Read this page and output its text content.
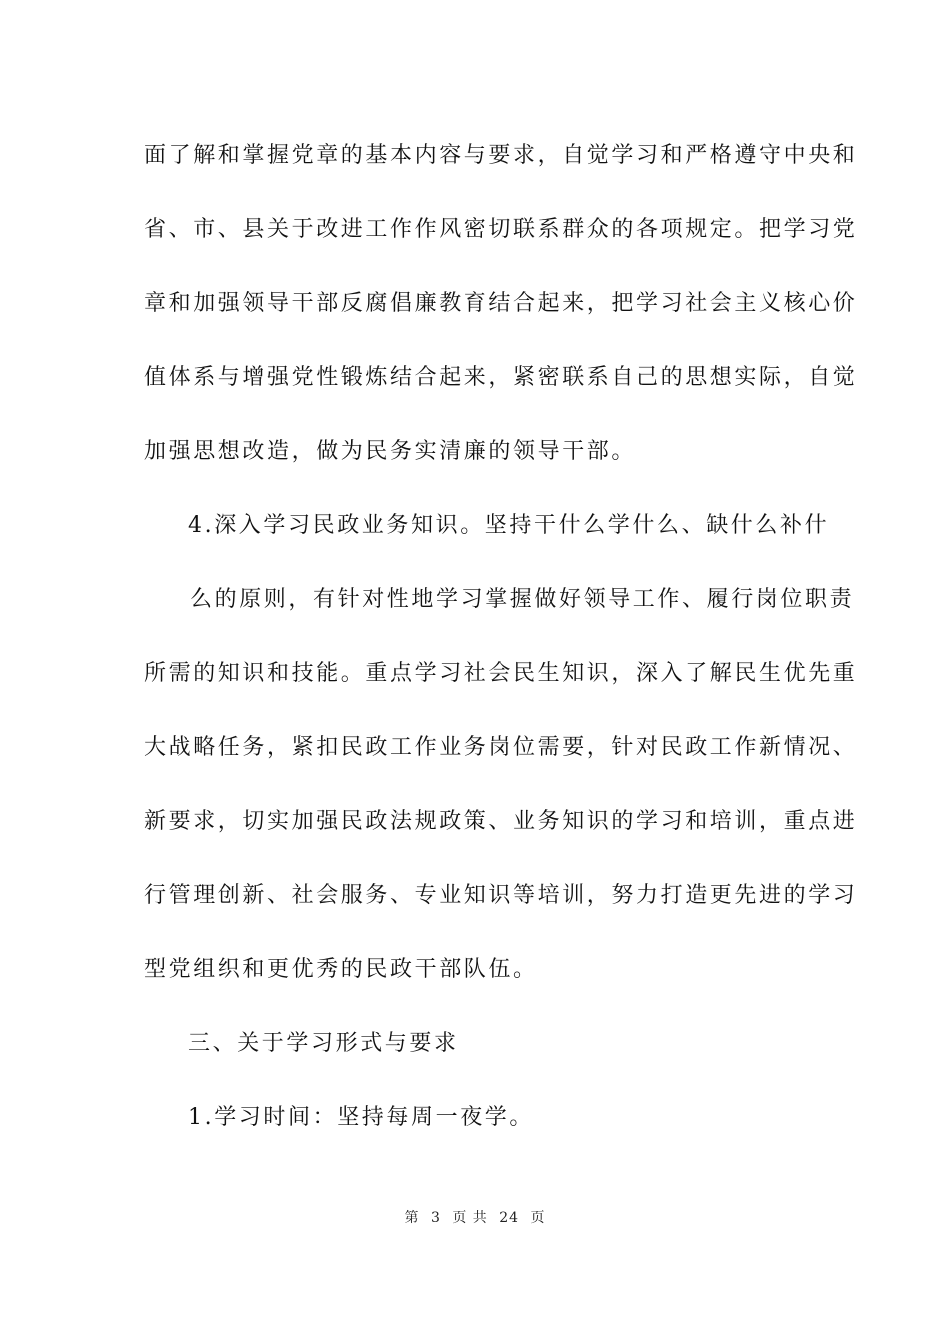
面了解和掌握党章的基本内容与要求，自觉学习和严格遵守中央和
省、市、县关于改进工作作风密切联系群众的各项规定。把学习党
章和加强领导干部反腐倡廉教育结合起来，把学习社会主义核心价
值体系与增强党性锻炼结合起来，紧密联系自己的思想实际，自觉
加强思想改造，做为民务实清廉的领导干部。
4.深入学习民政业务知识。坚持干什么学什么、缺什么补什
么的原则，有针对性地学习掌握做好领导工作、履行岗位职责
所需的知识和技能。重点学习社会民生知识，深入了解民生优先重
大战略任务，紧扣民政工作业务岗位需要，针对民政工作新情况、
新要求，切实加强民政法规政策、业务知识的学习和培训，重点进
行管理创新、社会服务、专业知识等培训，努力打造更先进的学习
型党组织和更优秀的民政干部队伍。
三、关于学习形式与要求
1.学习时间：坚持每周一夜学。
第 3 页 共 24 页
